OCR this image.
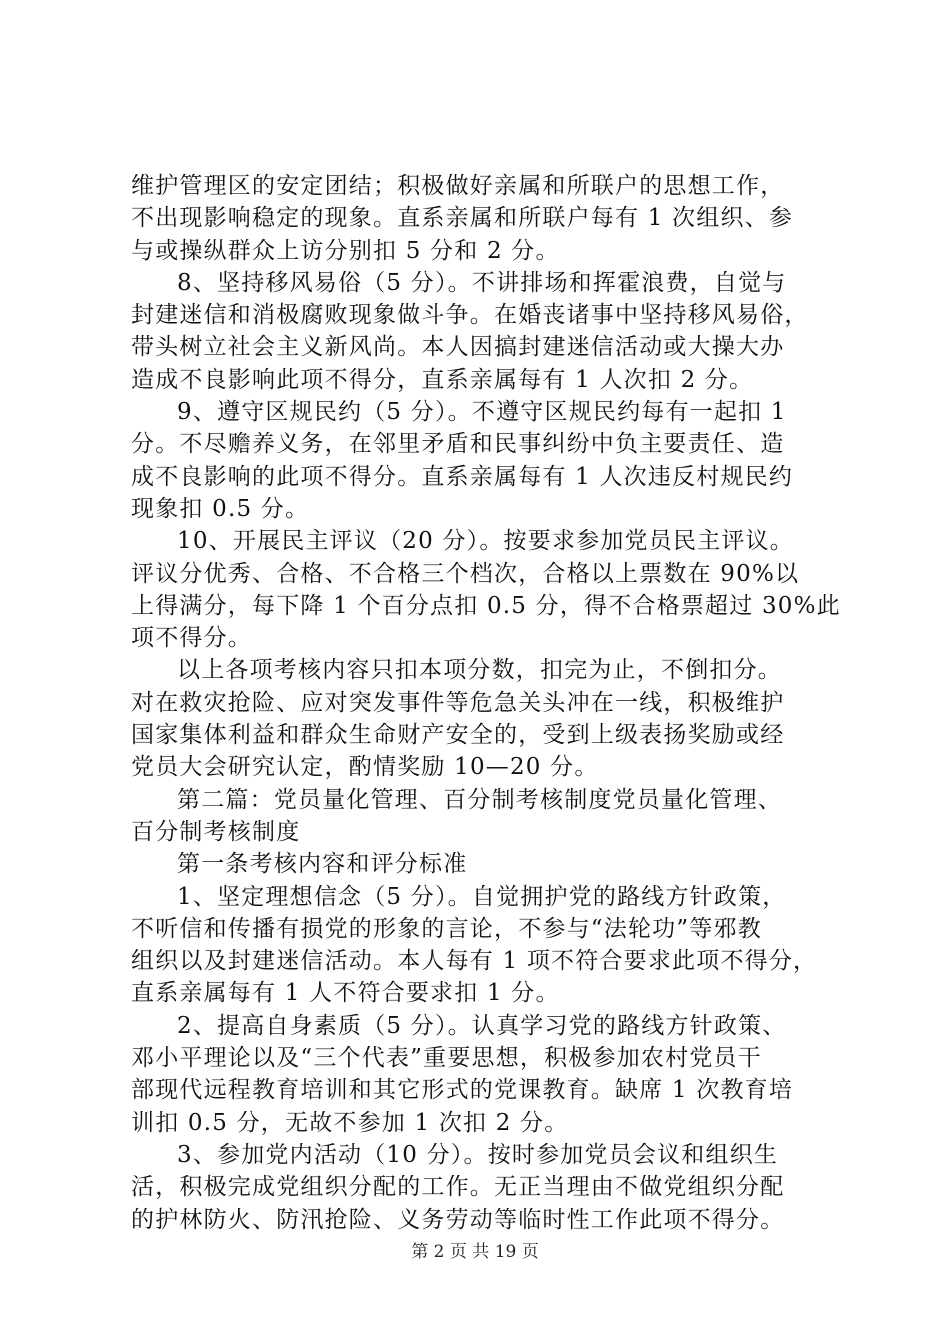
维护管理区的安定团结；积极做好亲属和所联户的思想工作，
不出现影响稳定的现象。直系亲属和所联户每有 1 次组织、参
与或操纵群众上访分别扣 5 分和 2 分。
8、坚持移风易俗（5 分）。不讲排场和挥霍浪费，自觉与
封建迷信和消极腐败现象做斗争。在婚丧诸事中坚持移风易俗，
带头树立社会主义新风尚。本人因搞封建迷信活动或大操大办
造成不良影响此项不得分，直系亲属每有 1 人次扣 2 分。
9、遵守区规民约（5 分）。不遵守区规民约每有一起扣 1
分。不尽赡养义务，在邻里矛盾和民事纠纷中负主要责任、造
成不良影响的此项不得分。直系亲属每有 1 人次违反村规民约
现象扣 0.5 分。
10、开展民主评议（20 分）。按要求参加党员民主评议。
评议分优秀、合格、不合格三个档次，合格以上票数在 90%以
上得满分，每下降 1 个百分点扣 0.5 分，得不合格票超过 30%此
项不得分。
以上各项考核内容只扣本项分数，扣完为止，不倒扣分。
对在救灾抢险、应对突发事件等危急关头冲在一线，积极维护
国家集体利益和群众生命财产安全的，受到上级表扬奖励或经
党员大会研究认定，酌情奖励 10—20 分。
第二篇：党员量化管理、百分制考核制度党员量化管理、
百分制考核制度
第一条考核内容和评分标准
1、坚定理想信念（5 分）。自觉拥护党的路线方针政策，
不听信和传播有损党的形象的言论，不参与“法轮功”等邪教
组织以及封建迷信活动。本人每有 1 项不符合要求此项不得分，
直系亲属每有 1 人不符合要求扣 1 分。
2、提高自身素质（5 分）。认真学习党的路线方针政策、
邓小平理论以及“三个代表”重要思想，积极参加农村党员干
部现代远程教育培训和其它形式的党课教育。缺席 1 次教育培
训扣 0.5 分，无故不参加 1 次扣 2 分。
3、参加党内活动（10 分）。按时参加党员会议和组织生
活，积极完成党组织分配的工作。无正当理由不做党组织分配
的护林防火、防汛抢险、义务劳动等临时性工作此项不得分。
第 2 页 共 19 页
